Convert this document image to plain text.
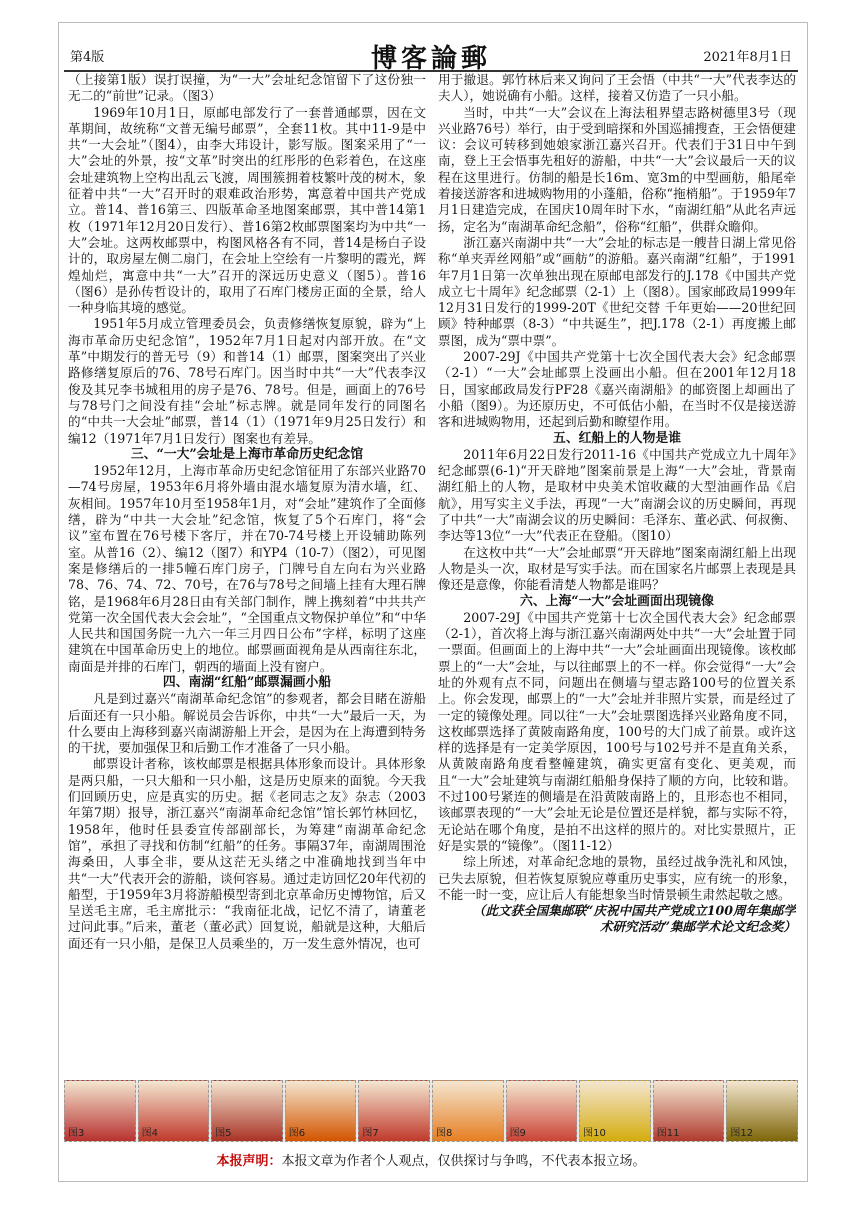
第4版	博客論郵	2021年8月1日

（上接第1版）误打误撞，为“一大”会址纪念馆留下了这份独一无二的“前世”记录。（图3）

1969年10月1日，原邮电部发行了一套普通邮票，因在文革期间，故统称“文普无编号邮票”，全套11枚。其中11-9是中共“一大会址”（图4），由李大玮设计，影写版。图案采用了“一大”会址的外景，按“文革”时突出的红彤彤的色彩着色，在这座会址建筑物上空构出乱云飞渡，周围簇拥着枝繁叶茂的树木，象征着中共“一大”召开时的艰难政治形势，寓意着中国共产党成立。普14、普16第三、四版革命圣地图案邮票，其中普14第1枚（1971年12月20日发行）、普16第2枚邮票图案均为中共“一大”会址。这两枚邮票中，构图风格各有不同，普14是杨白子设计的，取房屋左侧二扇门，在会址上空绘有一片黎明的霞光，辉煌灿烂，寓意中共“一大”召开的深远历史意义（图5）。普16（图6）是孙传哲设计的，取用了石库门楼房正面的全景，给人一种身临其境的感觉。

1951年5月成立管理委员会，负责修缮恢复原貌，辟为“上海市革命历史纪念馆”，1952年7月1日起对内部开放。在“文革”中期发行的普无号（9）和普14（1）邮票，图案突出了兴业路修缮复原后的76、78号石库门。因当时中共“一大”代表李汉俊及其兄李书城租用的房子是76、78号。但是，画面上的76号与78号门之间没有挂“会址”标志牌。就是同年发行的同图名的“中共一大会址”邮票，普14（1）（1971年9月25日发行）和编12（1971年7月1日发行）图案也有差异。

三、“一大”会址是上海市革命历史纪念馆

1952年12月，上海市革命历史纪念馆征用了东部兴业路70—74号房屋，1953年6月将外墙由混水墙复原为清水墙，红、灰相间。1957年10月至1958年1月，对“会址”建筑作了全面修缮，辟为“中共一大会址”纪念馆，恢复了5个石库门，将“会议”室布置在76号楼下客厅，并在70-74号楼上开设辅助陈列室。从普16（2）、编12（图7）和YP4（10-7）（图2），可见图案是修缮后的一排5幢石库门房子，门牌号自左向右为兴业路78、76、74、72、70号，在76与78号之间墙上挂有大理石牌铭，是1968年6月28日由有关部门制作，牌上携刻着“中共共产党第一次全国代表大会会址”，“全国重点文物保护单位”和“中华人民共和国国务院一九六一年三月四日公布”字样，标明了这座建筑在中国革命历史上的地位。邮票画面视角是从西南往东北，南面是并排的石库门，朝西的墙面上没有窗户。

四、南湖“红船”邮票漏画小船

凡是到过嘉兴“南湖革命纪念馆”的参观者，都会目睹在游船后面还有一只小船。解说员会告诉你，中共“一大”最后一天，为什么要由上海移到嘉兴南湖游船上开会，是因为在上海遭到特务的干扰，要加强保卫和后勤工作才准备了一只小船。

邮票设计者称，该枚邮票是根据具体形象而设计。具体形象是两只船，一只大船和一只小船，这是历史原来的面貌。今天我们回顾历史，应是真实的历史。据《老同志之友》杂志（2003年第7期）报导，浙江嘉兴“南湖革命纪念馆”馆长郭竹林回忆，1958年，他时任县委宣传部副部长，为筹建“南湖革命纪念馆”，承担了寻找和仿制“红船”的任务。事隔37年，南湖周围沧海桑田，人事全非，要从这茫无头绪之中准确地找到当年中共“一大”代表开会的游船，谈何容易。通过走访回忆20年代初的船型，于1959年3月将游船模型寄到北京革命历史博物馆，后又呈送毛主席，毛主席批示：“我南征北战，记忆不清了，请董老过问此事。”后来，董老（董必武）回复说，船就是这种，大船后面还有一只小船，是保卫人员乘坐的，万一发生意外情况，也可

用于撤退。郭竹林后来又询问了王会悟（中共“一大”代表李达的夫人），她说确有小船。这样，接着又仿造了一只小船。

当时，中共“一大”会议在上海法租界望志路树德里3号（现兴业路76号）举行，由于受到暗探和外国巡捕搜查，王会悟便建议：会议可转移到她娘家浙江嘉兴召开。代表们于31日中午到南，登上王会悟事先租好的游船，中共“一大”会议最后一天的议程在这里进行。仿制的船是长16m、宽3m的中型画舫，船尾牵着接送游客和进城购物用的小蓬船，俗称“拖梢船”。于1959年7月1日建造完成，在国庆10周年时下水，“南湖红船”从此名声远扬，定名为“南湖革命纪念船”，俗称“红船”，供群众瞻仰。

浙江嘉兴南湖中共“一大”会址的标志是一艘昔日湖上常见俗称“单夹弄丝网船”或“画舫”的游船。嘉兴南湖“红船”，于1991年7月1日第一次单独出现在原邮电部发行的J.178《中国共产党成立七十周年》纪念邮票（2-1）上（图8）。国家邮政局1999年12月31日发行的1999-20T《世纪交替 千年更始——20世纪回顾》特种邮票（8-3）“中共诞生”，把J.178（2-1）再度搬上邮票图，成为“票中票”。

2007-29J《中国共产党第十七次全国代表大会》纪念邮票（2-1）“一大”会址邮票上没画出小船。但在2001年12月18日，国家邮政局发行PF28《嘉兴南湖船》的邮资图上却画出了小船（图9）。为还原历史，不可低估小船，在当时不仅是接送游客和进城购物用，还起到后勤和瞭望作用。

五、红船上的人物是谁

2011年6月22日发行2011-16《中国共产党成立九十周年》纪念邮票(6-1)“开天辟地”图案前景是上海“一大”会址，背景南湖红船上的人物，是取材中央美术馆收藏的大型油画作品《启航》，用写实主义手法，再现“一大”南湖会议的历史瞬间，再现了中共“一大”南湖会议的历史瞬间：毛泽东、董必武、何叔衡、李达等13位“一大”代表正在登船。（图10）

在这枚中共“一大”会址邮票“开天辟地”图案南湖红船上出现人物是头一次，取材是写实手法。而在国家名片邮票上表现是具像还是意像，你能看清楚人物都是谁吗？

六、上海“一大”会址画面出现镜像

2007-29J《中国共产党第十七次全国代表大会》纪念邮票（2-1），首次将上海与浙江嘉兴南湖两处中共“一大”会址置于同一票面。但画面上的上海中共“一大”会址画面出现镜像。该枚邮票上的“一大”会址，与以往邮票上的不一样。你会觉得“一大”会址的外观有点不同，问题出在侧墙与望志路100号的位置关系上。你会发现，邮票上的“一大”会址并非照片实景，而是经过了一定的镜像处理。同以往“一大”会址票图选择兴业路角度不同，这枚邮票选择了黄陂南路角度，100号的大门成了前景。或许这样的选择是有一定美学原因，100号与102号并不是直角关系，从黄陂南路角度看整幢建筑，确实更富有变化、更美观，而且“一大”会址建筑与南湖红船船身保持了顺的方向，比较和谐。不过100号紧连的侧墙是在沿黄陂南路上的，且形态也不相同，该邮票表现的“一大”会址无论是位置还是样貌，都与实际不符，无论站在哪个角度，是拍不出这样的照片的。对比实景照片，正好是实景的“镜像”。（图11-12）

综上所述，对革命纪念地的景物，虽经过战争洗礼和风蚀，已失去原貌，但若恢复原貌应尊重历史事实，应有统一的形象，不能一时一变，应让后人有能想象当时情景顿生肃然起敬之感。

（此文获全国集邮联“庆祝中国共产党成立100周年集邮学术研究活动”集邮学术论文纪念奖）

图3	图4	图5	图6	图7	图8	图9	图10	图11	图12
本报声明：本报文章为作者个人观点，仅供探讨与争鸣，不代表本报立场。
